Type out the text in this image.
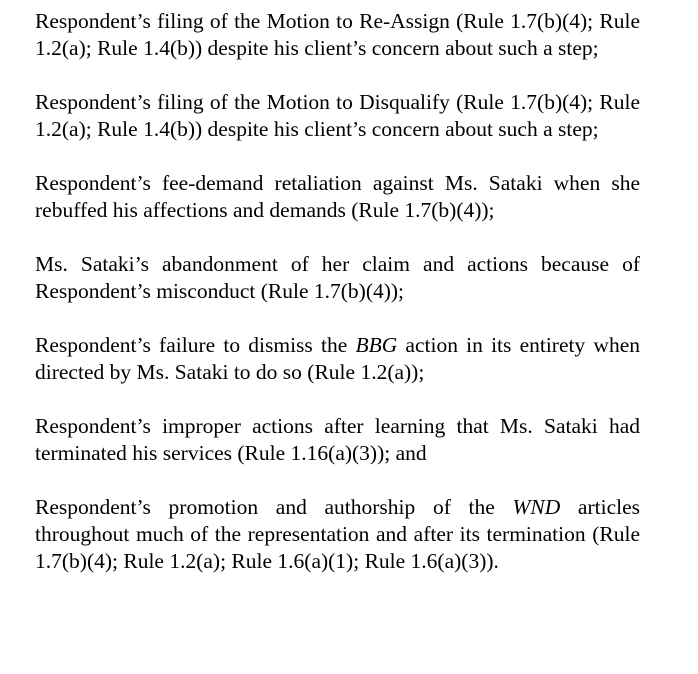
Respondent’s filing of the Motion to Re-Assign (Rule 1.7(b)(4); Rule 1.2(a); Rule 1.4(b)) despite his client’s concern about such a step;

Respondent’s filing of the Motion to Disqualify (Rule 1.7(b)(4); Rule 1.2(a); Rule 1.4(b)) despite his client’s concern about such a step;

Respondent’s fee-demand retaliation against Ms. Sataki when she rebuffed his affections and demands (Rule 1.7(b)(4));

Ms. Sataki’s abandonment of her claim and actions because of Respondent’s misconduct (Rule 1.7(b)(4));

Respondent’s failure to dismiss the BBG action in its entirety when directed by Ms. Sataki to do so (Rule 1.2(a));

Respondent’s improper actions after learning that Ms. Sataki had terminated his services (Rule 1.16(a)(3)); and

Respondent’s promotion and authorship of the WND articles throughout much of the representation and after its termination (Rule 1.7(b)(4); Rule 1.2(a); Rule 1.6(a)(1); Rule 1.6(a)(3)).
